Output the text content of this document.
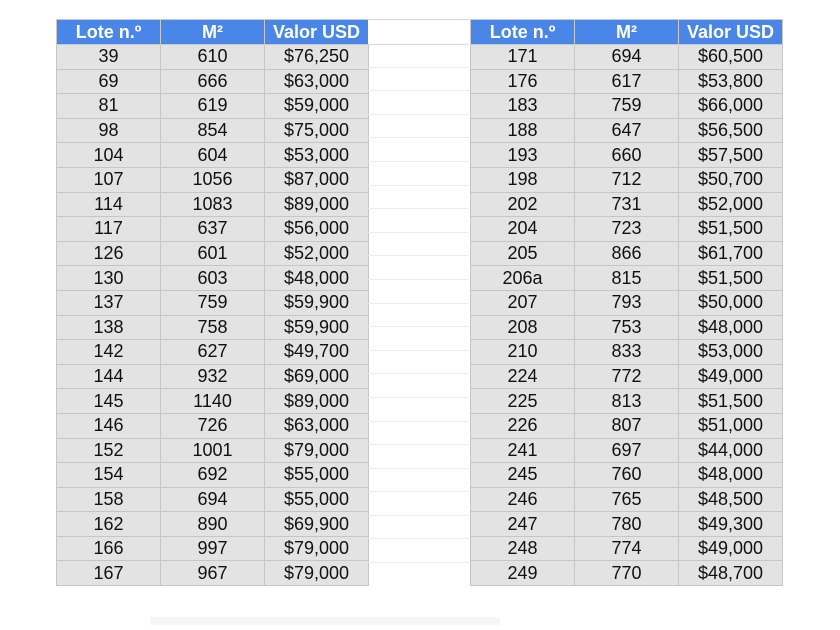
Lote n.º	M²	Valor USD
39	610	$76,250
69	666	$63,000
81	619	$59,000
98	854	$75,000
104	604	$53,000
107	1056	$87,000
114	1083	$89,000
117	637	$56,000
126	601	$52,000
130	603	$48,000
137	759	$59,900
138	758	$59,900
142	627	$49,700
144	932	$69,000
145	1140	$89,000
146	726	$63,000
152	1001	$79,000
154	692	$55,000
158	694	$55,000
162	890	$69,900
166	997	$79,000
167	967	$79,000
Lote n.º	M²	Valor USD
171	694	$60,500
176	617	$53,800
183	759	$66,000
188	647	$56,500
193	660	$57,500
198	712	$50,700
202	731	$52,000
204	723	$51,500
205	866	$61,700
206a	815	$51,500
207	793	$50,000
208	753	$48,000
210	833	$53,000
224	772	$49,000
225	813	$51,500
226	807	$51,000
241	697	$44,000
245	760	$48,000
246	765	$48,500
247	780	$49,300
248	774	$49,000
249	770	$48,700
